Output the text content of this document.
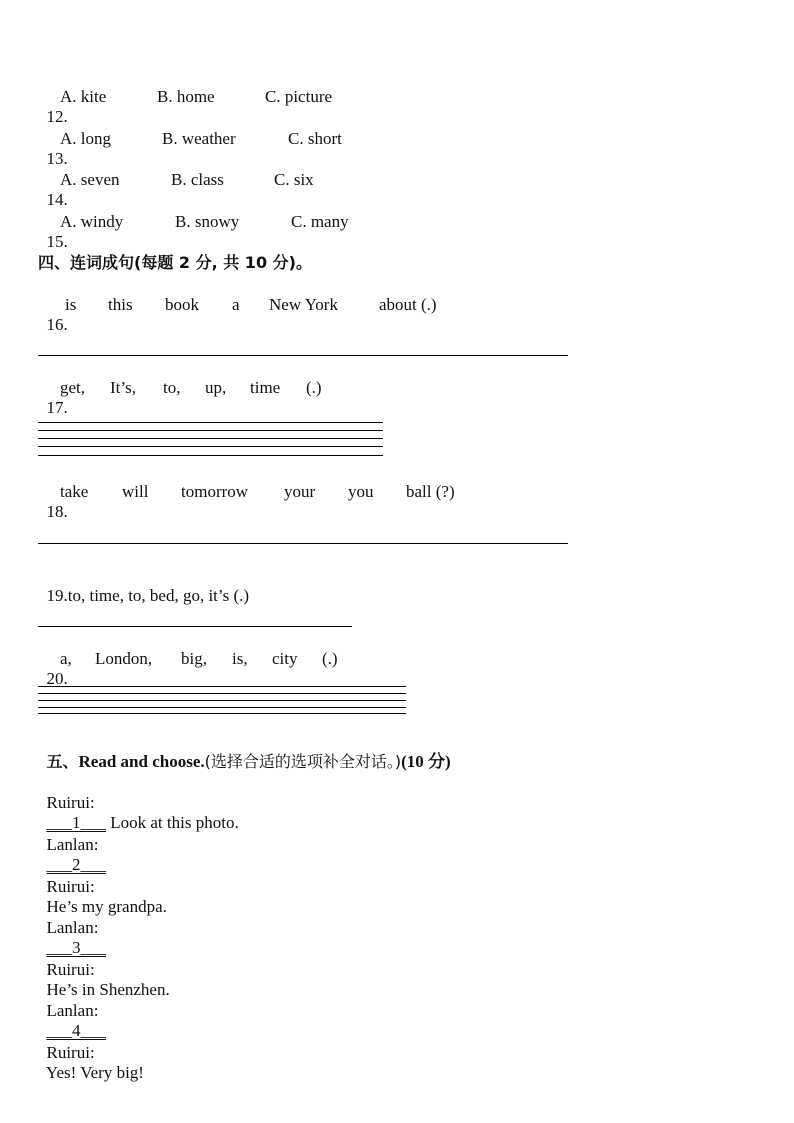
12.
A. kite

	B. home

	C. picture

13.
A. long

	B. weather

	C. short

14.
A. seven

	B. class

	C. six

15.
A. windy

	B. snowy

	C. many

四、连词成句(每题 2 分, 共 10 分)。

16.

is

this

book

a

New York

about (.)

17.

get,

It’s,

to,

up,

time

(.)

18.

take

will

tomorrow

your

you

ball (?)

19.to, time, to, bed, go, it’s (.)

20.

a,

London,

big,

is,

city

(.)

五、Read and choose.(选择合适的选项补全对话。)(10 分)

Ruirui:
___1___ Look at this photo.

Lanlan:
___2___

Ruirui:
He’s my grandpa.

Lanlan:
___3___

Ruirui:
He’s in Shenzhen.

Lanlan:
___4___

Ruirui:
Yes! Very big!
